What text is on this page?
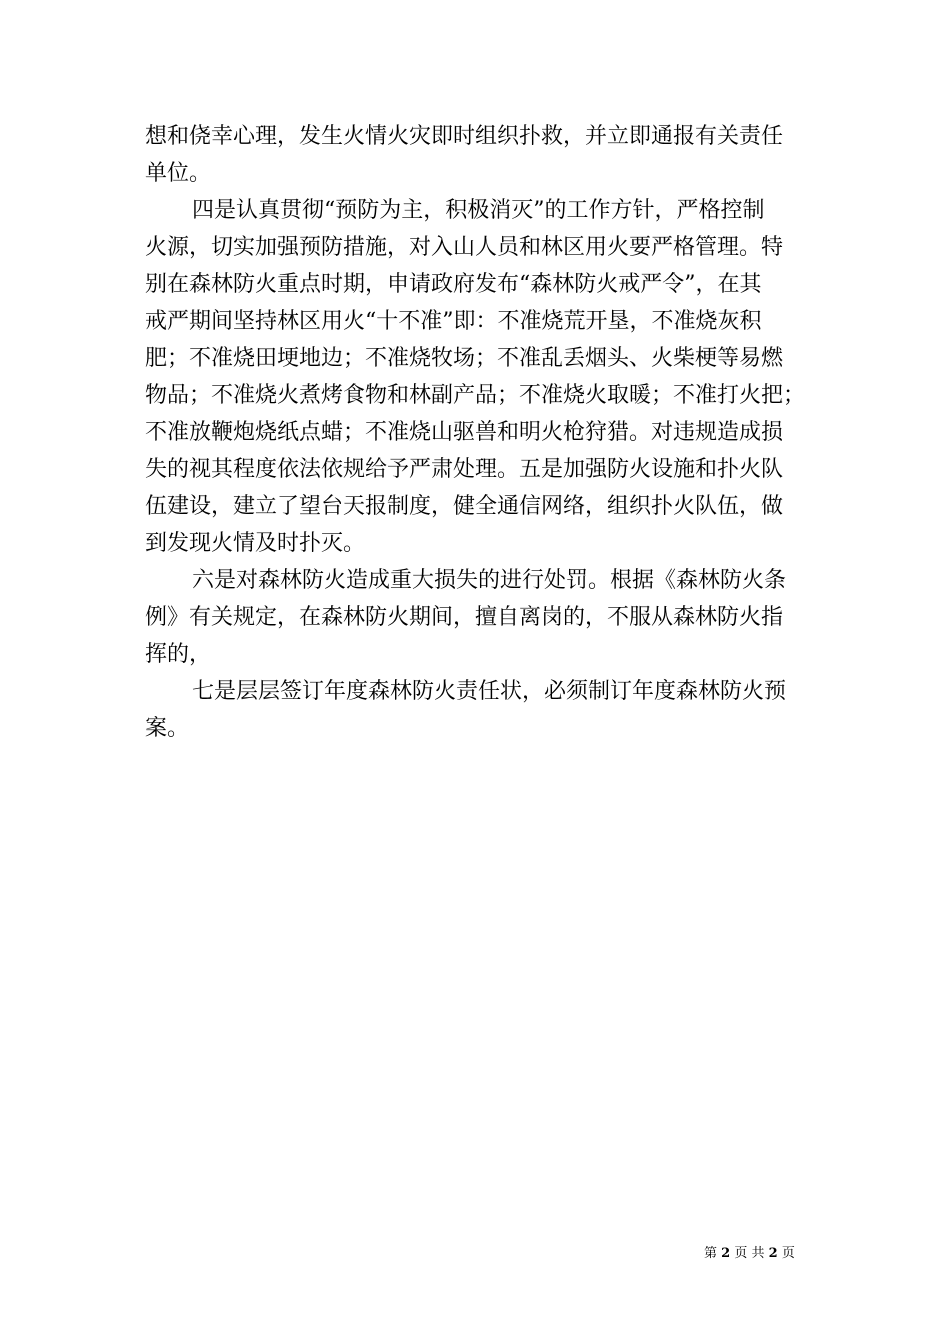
想和侥幸心理，发生火情火灾即时组织扑救，并立即通报有关责任
单位。
四是认真贯彻“预防为主，积极消灭”的工作方针，严格控制
火源，切实加强预防措施，对入山人员和林区用火要严格管理。特
别在森林防火重点时期，申请政府发布“森林防火戒严令”，在其
戒严期间坚持林区用火“十不准”即：不准烧荒开垦，不准烧灰积
肥；不准烧田埂地边；不准烧牧场；不准乱丢烟头、火柴梗等易燃
物品；不准烧火煮烤食物和林副产品；不准烧火取暖；不准打火把；
不准放鞭炮烧纸点蜡；不准烧山驱兽和明火枪狩猎。对违规造成损
失的视其程度依法依规给予严肃处理。五是加强防火设施和扑火队
伍建设，建立了望台天报制度，健全通信网络，组织扑火队伍，做
到发现火情及时扑灭。
六是对森林防火造成重大损失的进行处罚。根据《森林防火条
例》有关规定，在森林防火期间，擅自离岗的，不服从森林防火指
挥的，
七是层层签订年度森林防火责任状，必须制订年度森林防火预
案。
第 2 页 共 2 页
